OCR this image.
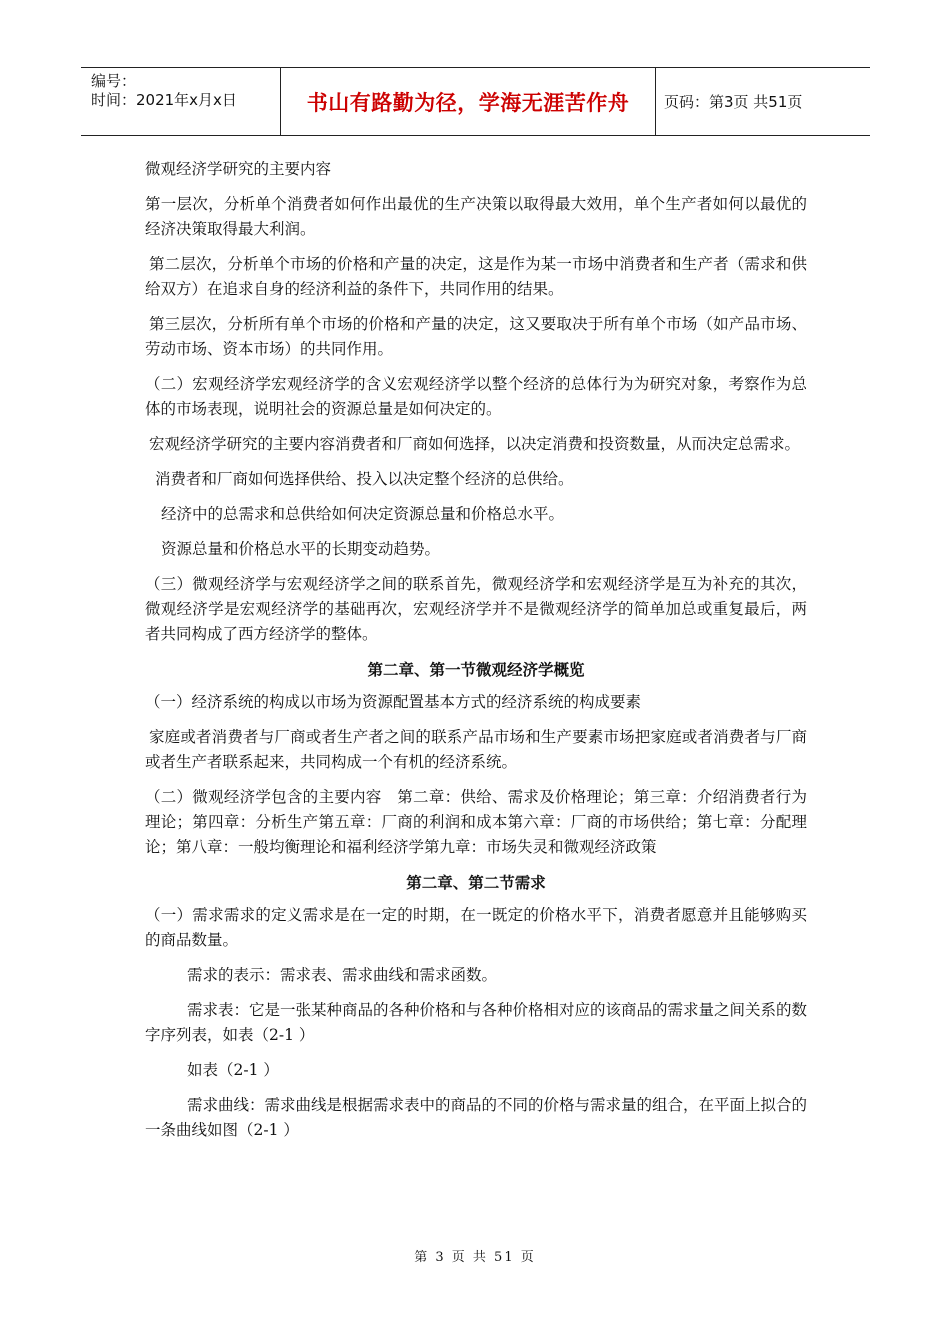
编号：
时间：2021年x月x日	书山有路勤为径，学海无涯苦作舟	页码：第3页 共51页

微观经济学研究的主要内容

第一层次，分析单个消费者如何作出最优的生产决策以取得最大效用，单个生产者如何以最优的经济决策取得最大利润。

第二层次，分析单个市场的价格和产量的决定，这是作为某一市场中消费者和生产者（需求和供给双方）在追求自身的经济利益的条件下，共同作用的结果。

第三层次，分析所有单个市场的价格和产量的决定，这又要取决于所有单个市场（如产品市场、劳动市场、资本市场）的共同作用。

（二）宏观经济学宏观经济学的含义宏观经济学以整个经济的总体行为为研究对象，考察作为总体的市场表现，说明社会的资源总量是如何决定的。

宏观经济学研究的主要内容消费者和厂商如何选择，以决定消费和投资数量，从而决定总需求。

消费者和厂商如何选择供给、投入以决定整个经济的总供给。

经济中的总需求和总供给如何决定资源总量和价格总水平。

资源总量和价格总水平的长期变动趋势。

（三）微观经济学与宏观经济学之间的联系首先，微观经济学和宏观经济学是互为补充的其次，微观经济学是宏观经济学的基础再次，宏观经济学并不是微观经济学的简单加总或重复最后，两者共同构成了西方经济学的整体。

第二章、第一节微观经济学概览

（一）经济系统的构成以市场为资源配置基本方式的经济系统的构成要素

家庭或者消费者与厂商或者生产者之间的联系产品市场和生产要素市场把家庭或者消费者与厂商或者生产者联系起来，共同构成一个有机的经济系统。

（二）微观经济学包含的主要内容　第二章：供给、需求及价格理论；第三章：介绍消费者行为理论；第四章：分析生产第五章：厂商的利润和成本第六章：厂商的市场供给；第七章：分配理论；第八章：一般均衡理论和福利经济学第九章：市场失灵和微观经济政策

第二章、第二节需求

（一）需求需求的定义需求是在一定的时期，在一既定的价格水平下，消费者愿意并且能够购买的商品数量。

需求的表示：需求表、需求曲线和需求函数。

需求表：它是一张某种商品的各种价格和与各种价格相对应的该商品的需求量之间关系的数字序列表，如表（2-1 ）

如表（2-1 ）

需求曲线：需求曲线是根据需求表中的商品的不同的价格与需求量的组合，在平面上拟合的一条曲线如图（2-1 ）

第 3 页 共 51 页
